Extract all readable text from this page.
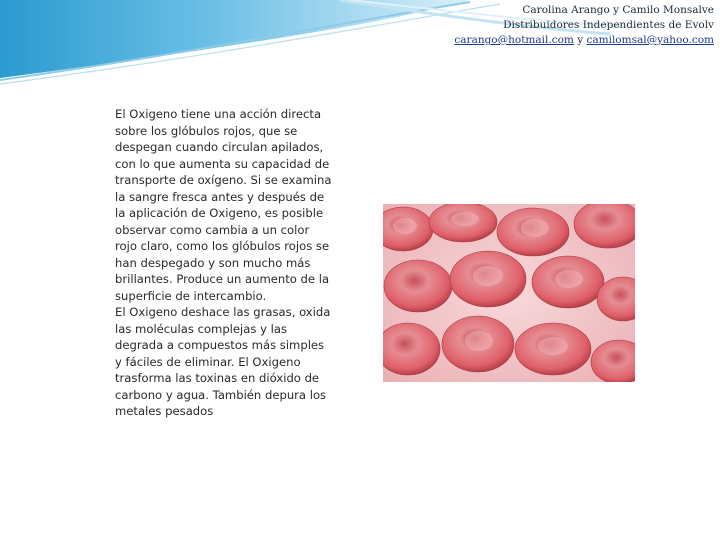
Carolina Arango y Camilo Monsalve
Distribuidores Independientes de Evolv
carango@hotmail.com y camilomsal@yahoo.com

El Oxigeno tiene una acción directa sobre los glóbulos rojos, que se despegan cuando circulan apilados, con lo que aumenta su capacidad de transporte de oxígeno. Si se examina la sangre fresca antes y después de la aplicación de Oxigeno, es posible observar como cambia a un color rojo claro, como los glóbulos rojos se han despegado y son mucho más brillantes. Produce un aumento de la superficie de intercambio.

El Oxigeno deshace las grasas, oxida las moléculas complejas y las degrada a compuestos más simples y fáciles de eliminar. El Oxigeno trasforma las toxinas en dióxido de carbono y agua. También depura los metales pesados
